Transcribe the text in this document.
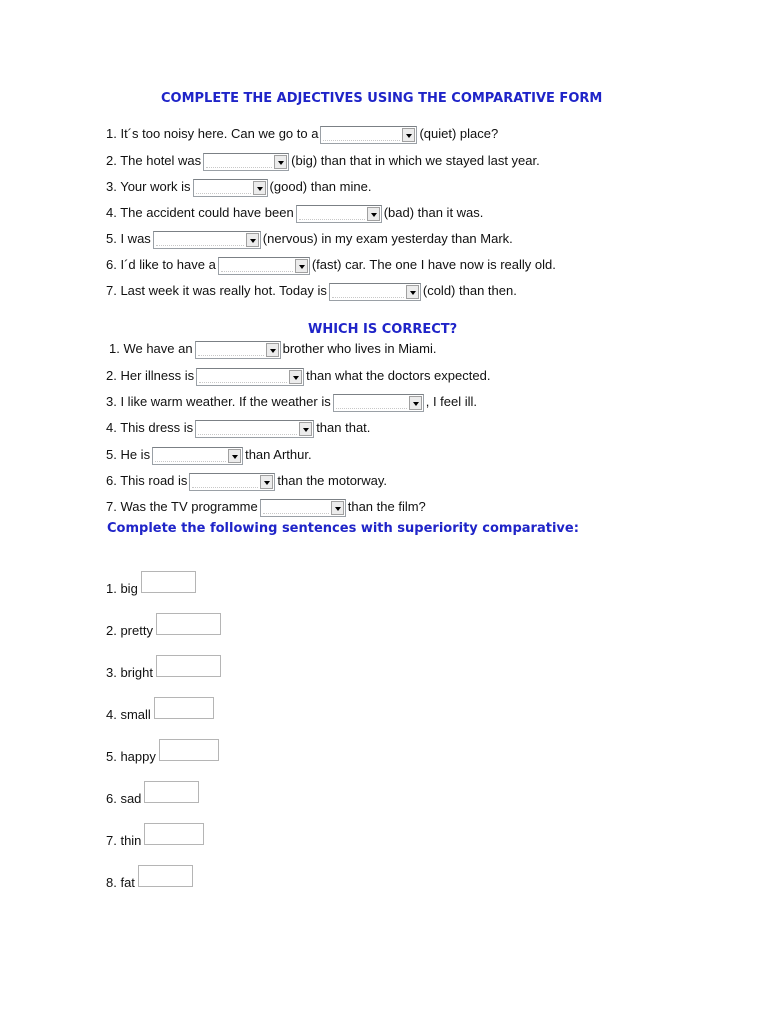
COMPLETE THE ADJECTIVES USING THE COMPARATIVE FORM
1. It´s too noisy here. Can we go to a	(quiet) place?
2. The hotel was	(big) than that in which we stayed last year.
3. Your work is	(good) than mine.
4. The accident could have been	(bad) than it was.
5. I was	(nervous) in my exam yesterday than Mark.
6. I´d like to have a	(fast) car. The one I have now is really old.
7. Last week it was really hot. Today is	(cold) than then.
WHICH IS CORRECT?
1. We have an	brother who lives in Miami.
2. Her illness is	than what the doctors expected.
3. I like warm weather. If the weather is	, I feel ill.
4. This dress is	than that.
5. He is	than Arthur.
6. This road is	than the motorway.
7. Was the TV programme	than the film?
Complete the following sentences with superiority comparative:
1. big
2. pretty
3. bright
4. small
5. happy
6. sad
7. thin
8. fat
